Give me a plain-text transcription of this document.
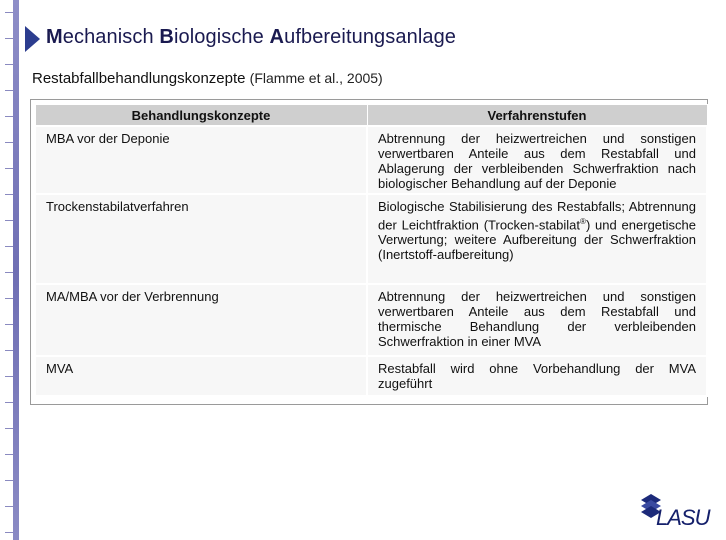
Mechanisch Biologische Aufbereitungsanlage
Restabfallbehandlungskonzepte (Flamme et al., 2005)
Behandlungskonzepte	Verfahrenstufen
MBA vor der Deponie	Abtrennung der heizwertreichen und sonstigen verwertbaren Anteile aus dem Restabfall und Ablagerung der verbleibenden Schwerfraktion nach biologischer Behandlung auf der Deponie
Trockenstabilatverfahren	Biologische Stabilisierung des Restabfalls; Abtrennung der Leichtfraktion (Trocken-stabilat®) und energetische Verwertung; weitere Aufbereitung der Schwerfraktion (Inertstoff-aufbereitung)
MA/MBA vor der Verbrennung	Abtrennung der heizwertreichen und sonstigen verwertbaren Anteile aus dem Restabfall und thermische Behandlung der verbleibenden Schwerfraktion in einer MVA
MVA	Restabfall wird ohne Vorbehandlung der MVA zugeführt
LASU
